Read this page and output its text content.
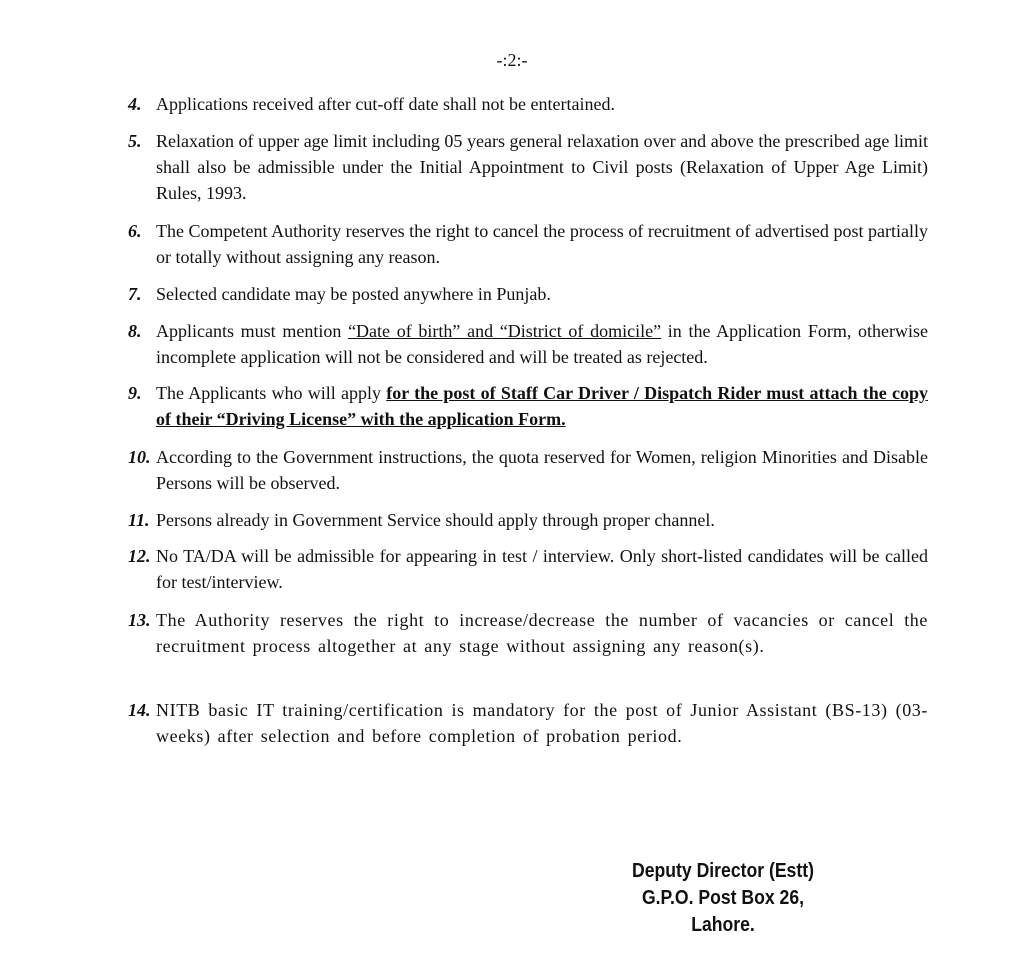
-:2:-
4. Applications received after cut-off date shall not be entertained.
5. Relaxation of upper age limit including 05 years general relaxation over and above the prescribed age limit shall also be admissible under the Initial Appointment to Civil posts (Relaxation of Upper Age Limit) Rules, 1993.
6. The Competent Authority reserves the right to cancel the process of recruitment of advertised post partially or totally without assigning any reason.
7. Selected candidate may be posted anywhere in Punjab.
8. Applicants must mention “Date of birth” and “District of domicile” in the Application Form, otherwise incomplete application will not be considered and will be treated as rejected.
9. The Applicants who will apply for the post of Staff Car Driver / Dispatch Rider must attach the copy of their “Driving License” with the application Form.
10. According to the Government instructions, the quota reserved for Women, religion Minorities and Disable Persons will be observed.
11. Persons already in Government Service should apply through proper channel.
12. No TA/DA will be admissible for appearing in test / interview. Only short-listed candidates will be called for test/interview.
13. The Authority reserves the right to increase/decrease the number of vacancies or cancel the recruitment process altogether at any stage without assigning any reason(s).
14. NITB basic IT training/certification is mandatory for the post of Junior Assistant (BS-13) (03-weeks) after selection and before completion of probation period.
Deputy Director (Estt)
G.P.O. Post Box 26,
Lahore.
